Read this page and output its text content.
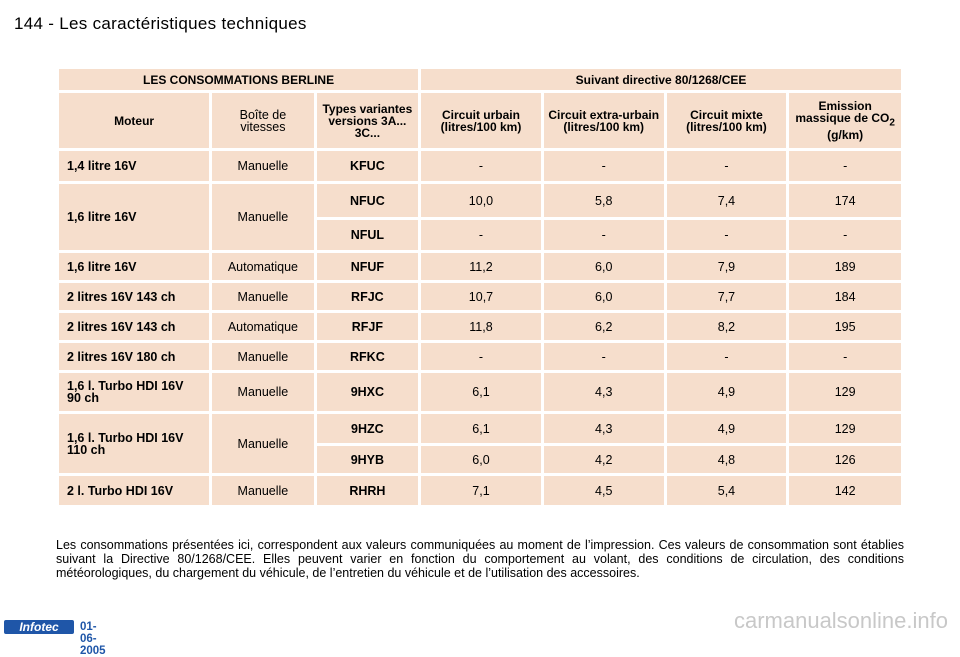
144 - Les caractéristiques techniques
LES CONSOMMATIONS BERLINE			Suivant directive 80/1268/CEE			
Moteur	Boîte de vitesses	Types variantes versions 3A... 3C...	Circuit urbain (litres/100 km)	Circuit extra-urbain (litres/100 km)	Circuit mixte (litres/100 km)	Emission massique de $CO_2$ (g/km)
1,4 litre 16V	Manuelle	KFUC	-	-	-	-
1,6 litre 16V	Manuelle	NFUC	10,0	5,8	7,4	174
		NFUL	-	-	-	-
1,6 litre 16V	Automatique	NFUF	11,2	6,0	7,9	189
2 litres 16V 143 ch	Manuelle	RFJC	10,7	6,0	7,7	184
2 litres 16V 143 ch	Automatique	RFJF	11,8	6,2	8,2	195
2 litres 16V 180 ch	Manuelle	RFKC	-	-	-	-
1,6 l. Turbo HDI 16V
90 ch	Manuelle	9HXC	6,1	4,3	4,9	129
1,6 l. Turbo HDI 16V
110 ch	Manuelle	9HZC	6,1	4,3	4,9	129
		9HYB	6,0	4,2	4,8	126
2 l. Turbo HDI 16V	Manuelle	RHRH	7,1	4,5	5,4	142
Les consommations présentées ici, correspondent aux valeurs communiquées au moment de l’impression. Ces valeurs de consommation sont établies suivant la Directive 80/1268/CEE. Elles peuvent varier en fonction du comportement au volant, des conditions de circulation, des conditions météorologiques, du chargement du véhicule, de l’entretien du véhicule et de l’utilisation des accessoires.
Infotec	01-06-2005
carmanualsonline.info
